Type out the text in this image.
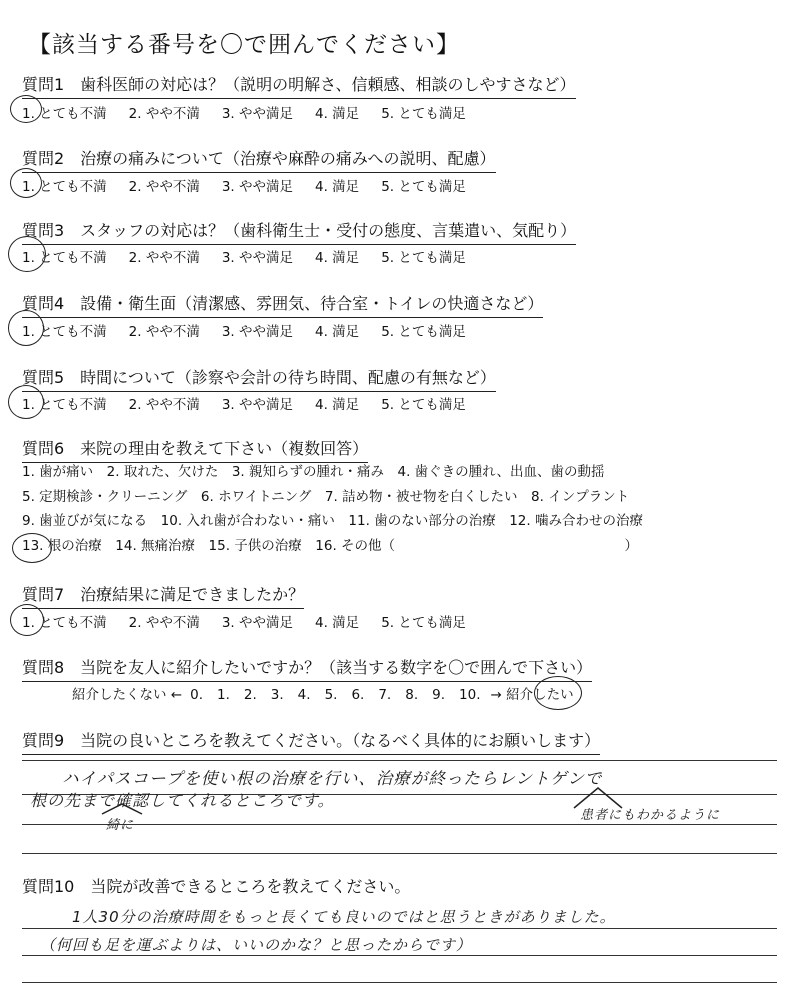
【該当する番号を〇で囲んでください】
質問1　歯科医師の対応は？（説明の明解さ、信頼感、相談のしやすさなど）
1. とても不満 2. やや不満 3. やや満足 4. 満足 5. とても満足
質問2　治療の痛みについて（治療や麻酔の痛みへの説明、配慮）
1. とても不満 2. やや不満 3. やや満足 4. 満足 5. とても満足
質問3　スタッフの対応は？（歯科衛生士・受付の態度、言葉遣い、気配り）
1. とても不満 2. やや不満 3. やや満足 4. 満足 5. とても満足
質問4　設備・衛生面（清潔感、雰囲気、待合室・トイレの快適さなど）
1. とても不満 2. やや不満 3. やや満足 4. 満足 5. とても満足
質問5　時間について（診察や会計の待ち時間、配慮の有無など）
1. とても不満 2. やや不満 3. やや満足 4. 満足 5. とても満足
質問6　来院の理由を教えて下さい（複数回答）
1. 歯が痛い　2. 取れた、欠けた　3. 親知らずの腫れ・痛み　4. 歯ぐきの腫れ、出血、歯の動揺
5. 定期検診・クリーニング　6. ホワイトニング　7. 詰め物・被せ物を白くしたい　8. インプラント
9. 歯並びが気になる　10. 入れ歯が合わない・痛い　11. 歯のない部分の治療　12. 噛み合わせの治療
13. 根の治療　14. 無痛治療　15. 子供の治療　16. その他（　　　　　　　　　　　　　　　　　）
質問7　治療結果に満足できましたか？
1. とても不満 2. やや不満 3. やや満足 4. 満足 5. とても満足
質問8　当院を友人に紹介したいですか？（該当する数字を〇で囲んで下さい）
紹介したくない ← 0. 1. 2. 3. 4. 5. 6. 7. 8. 9. 10. → 紹介したい
質問9　当院の良いところを教えてください。（なるべく具体的にお願いします）
ハイパスコープを使い根の治療を行い、治療が終ったらレントゲンで
根の先まで確認してくれるところです。
綺に
患者にもわかるように
質問10　当院が改善できるところを教えてください。
1人30分の治療時間をもっと長くても良いのではと思うときがありました。
（何回も足を運ぶよりは、いいのかな？と思ったからです）
